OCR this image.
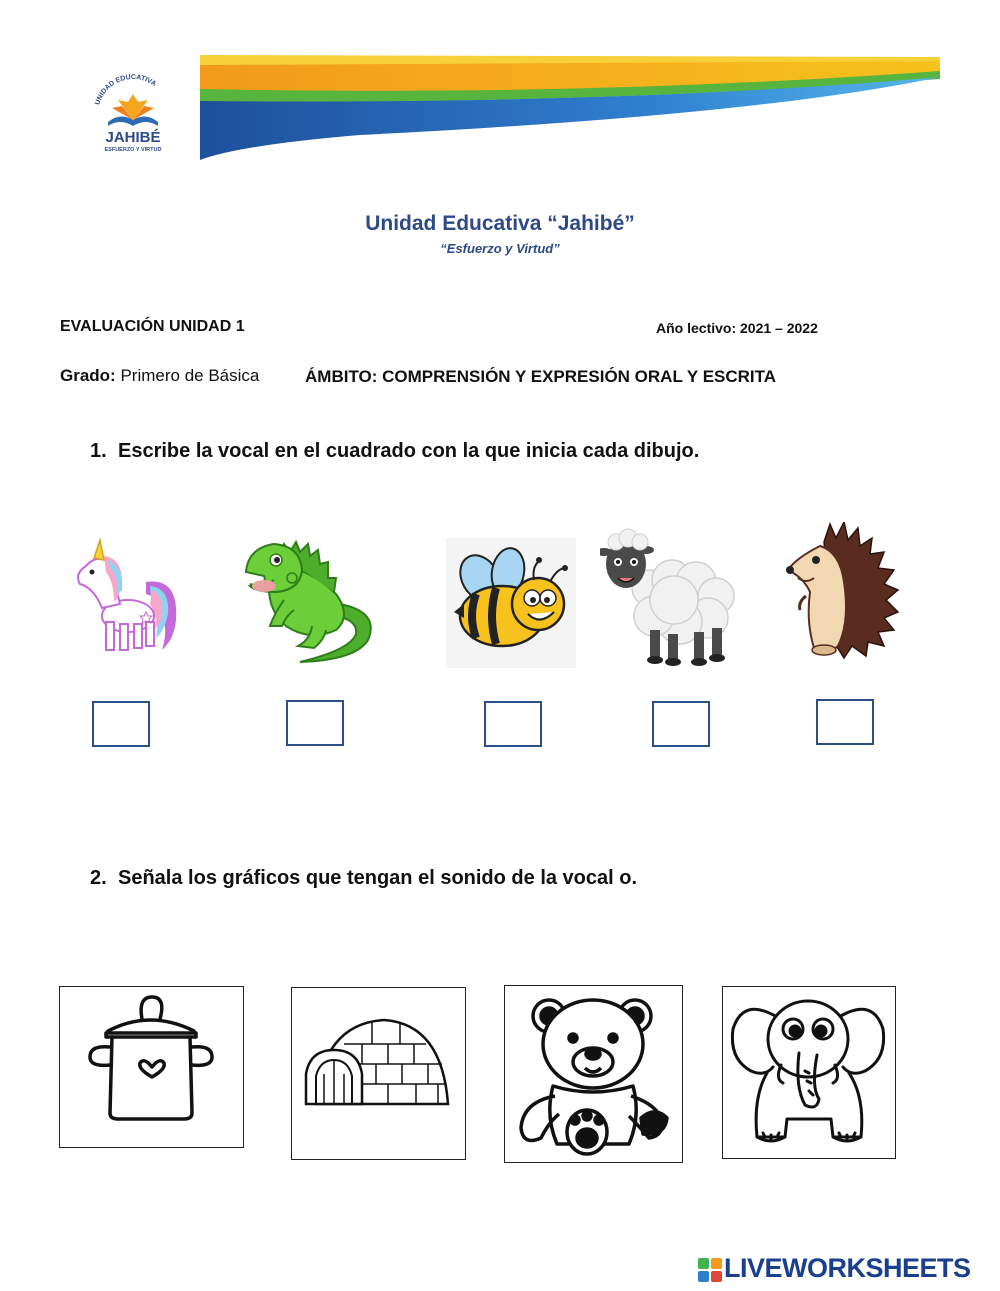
UNIDAD EDUCATIVA
JAHIBÉ
ESFUERZO Y VIRTUD
Unidad Educativa “Jahibé”
“Esfuerzo y Virtud”
EVALUACIÓN UNIDAD 1	Año lectivo: 2021 – 2022
Grado: Primero de Básica	ÁMBITO: COMPRENSIÓN Y EXPRESIÓN ORAL Y ESCRITA
1. Escribe la vocal en el cuadrado con la que inicia cada dibujo.
2. Señala los gráficos que tengan el sonido de la vocal o.
LIVEWORKSHEETS
